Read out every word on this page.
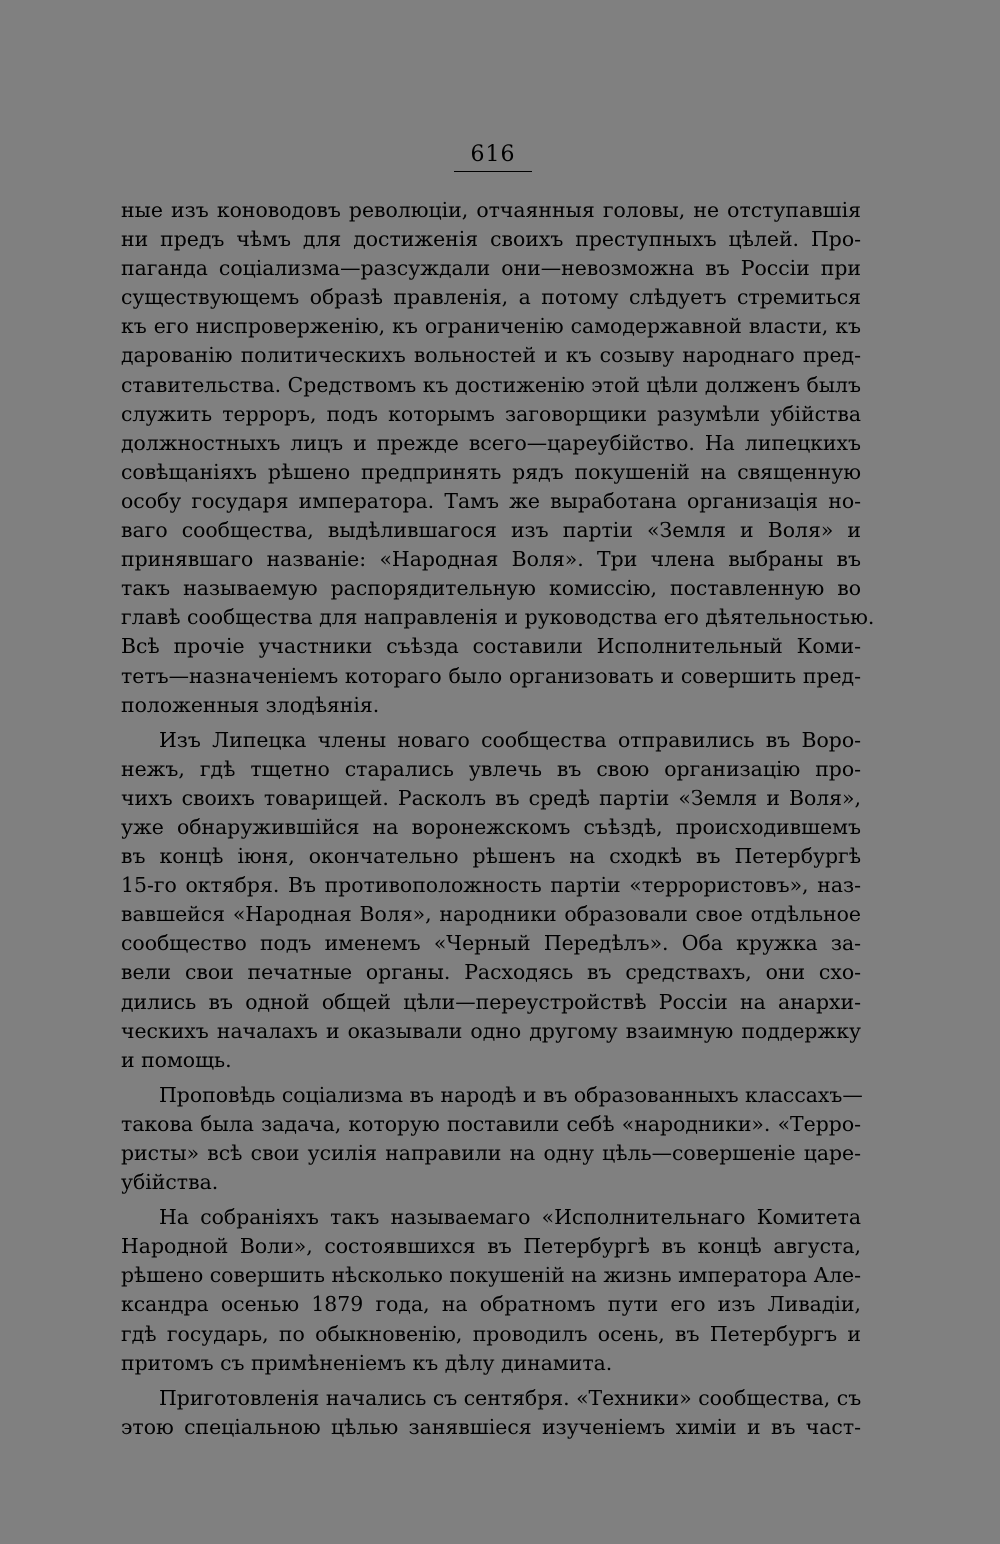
616
ные изъ коноводовъ революціи, отчаянныя головы, не отступавшія
ни предъ чѣмъ для достиженія своихъ преступныхъ цѣлей. Про-
паганда соціализма—разсуждали они—невозможна въ Россіи при
существующемъ образѣ правленія, а потому слѣдуетъ стремиться
къ его ниспроверженію, къ ограниченію самодержавной власти, къ
дарованію политическихъ вольностей и къ созыву народнаго пред-
ставительства. Средствомъ къ достиженію этой цѣли долженъ былъ
служить терроръ, подъ которымъ заговорщики разумѣли убійства
должностныхъ лицъ и прежде всего—цареубійство. На липецкихъ
совѣщаніяхъ рѣшено предпринять рядъ покушеній на священную
особу государя императора. Тамъ же выработана организація но-
ваго сообщества, выдѣлившагося изъ партіи «Земля и Воля» и
принявшаго названіе: «Народная Воля». Три члена выбраны въ
такъ называемую распорядительную комиссію, поставленную во
главѣ сообщества для направленія и руководства его дѣятельностью.
Всѣ прочіе участники съѣзда составили Исполнительный Коми-
тетъ—назначеніемъ котораго было организовать и совершить пред-
положенныя злодѣянія.
Изъ Липецка члены новаго сообщества отправились въ Воро-
нежъ, гдѣ тщетно старались увлечь въ свою организацію про-
чихъ своихъ товарищей. Расколъ въ средѣ партіи «Земля и Воля»,
уже обнаружившійся на воронежскомъ съѣздѣ, происходившемъ
въ концѣ іюня, окончательно рѣшенъ на сходкѣ въ Петербургѣ
15-го октября. Въ противоположность партіи «террористовъ», наз-
вавшейся «Народная Воля», народники образовали свое отдѣльное
сообщество подъ именемъ «Черный Передѣлъ». Оба кружка за-
вели свои печатные органы. Расходясь въ средствахъ, они схо-
дились въ одной общей цѣли—переустройствѣ Россіи на анархи-
ческихъ началахъ и оказывали одно другому взаимную поддержку
и помощь.
Проповѣдь соціализма въ народѣ и въ образованныхъ классахъ—
такова была задача, которую поставили себѣ «народники». «Терро-
ристы» всѣ свои усилія направили на одну цѣль—совершеніе царе-
убійства.
На собраніяхъ такъ называемаго «Исполнительнаго Комитета
Народной Воли», состоявшихся въ Петербургѣ въ концѣ августа,
рѣшено совершить нѣсколько покушеній на жизнь императора Але-
ксандра осенью 1879 года, на обратномъ пути его изъ Ливадіи,
гдѣ государь, по обыкновенію, проводилъ осень, въ Петербургъ и
притомъ съ примѣненіемъ къ дѣлу динамита.
Приготовленія начались съ сентября. «Техники» сообщества, съ
этою спеціальною цѣлью занявшіеся изученіемъ химіи и въ част-
